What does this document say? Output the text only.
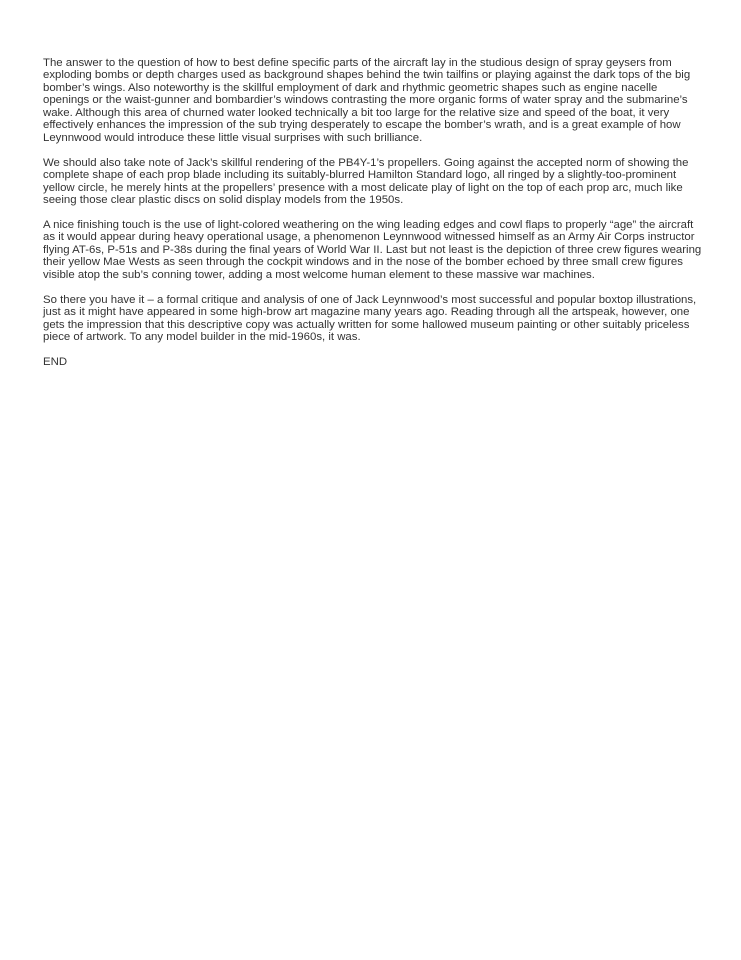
The answer to the question of how to best define specific parts of the aircraft lay in the studious design of spray geysers from exploding bombs or depth charges used as background shapes behind the twin tailfins or playing against the dark tops of the big bomber’s wings. Also noteworthy is the skillful employment of dark and rhythmic geometric shapes such as engine nacelle openings or the waist-gunner and bombardier’s windows contrasting the more organic forms of water spray and the submarine’s wake. Although this area of churned water looked technically a bit too large for the relative size and speed of the boat, it very effectively enhances the impression of the sub trying desperately to escape the bomber’s wrath, and is a great example of how Leynnwood would introduce these little visual surprises with such brilliance.

We should also take note of Jack’s skillful rendering of the PB4Y-1’s propellers. Going against the accepted norm of showing the complete shape of each prop blade including its suitably-blurred Hamilton Standard logo, all ringed by a slightly-too-prominent yellow circle, he merely hints at the propellers’ presence with a most delicate play of light on the top of each prop arc, much like seeing those clear plastic discs on solid display models from the 1950s.

A nice finishing touch is the use of light-colored weathering on the wing leading edges and cowl flaps to properly “age” the aircraft as it would appear during heavy operational usage, a phenomenon Leynnwood witnessed himself as an Army Air Corps instructor flying AT-6s, P-51s and P-38s during the final years of World War II. Last but not least is the depiction of three crew figures wearing their yellow Mae Wests as seen through the cockpit windows and in the nose of the bomber echoed by three small crew figures visible atop the sub’s conning tower, adding a most welcome human element to these massive war machines.

So there you have it – a formal critique and analysis of one of Jack Leynnwood’s most successful and popular boxtop illustrations, just as it might have appeared in some high-brow art magazine many years ago. Reading through all the artspeak, however, one gets the impression that this descriptive copy was actually written for some hallowed museum painting or other suitably priceless piece of artwork. To any model builder in the mid-1960s, it was.

END
